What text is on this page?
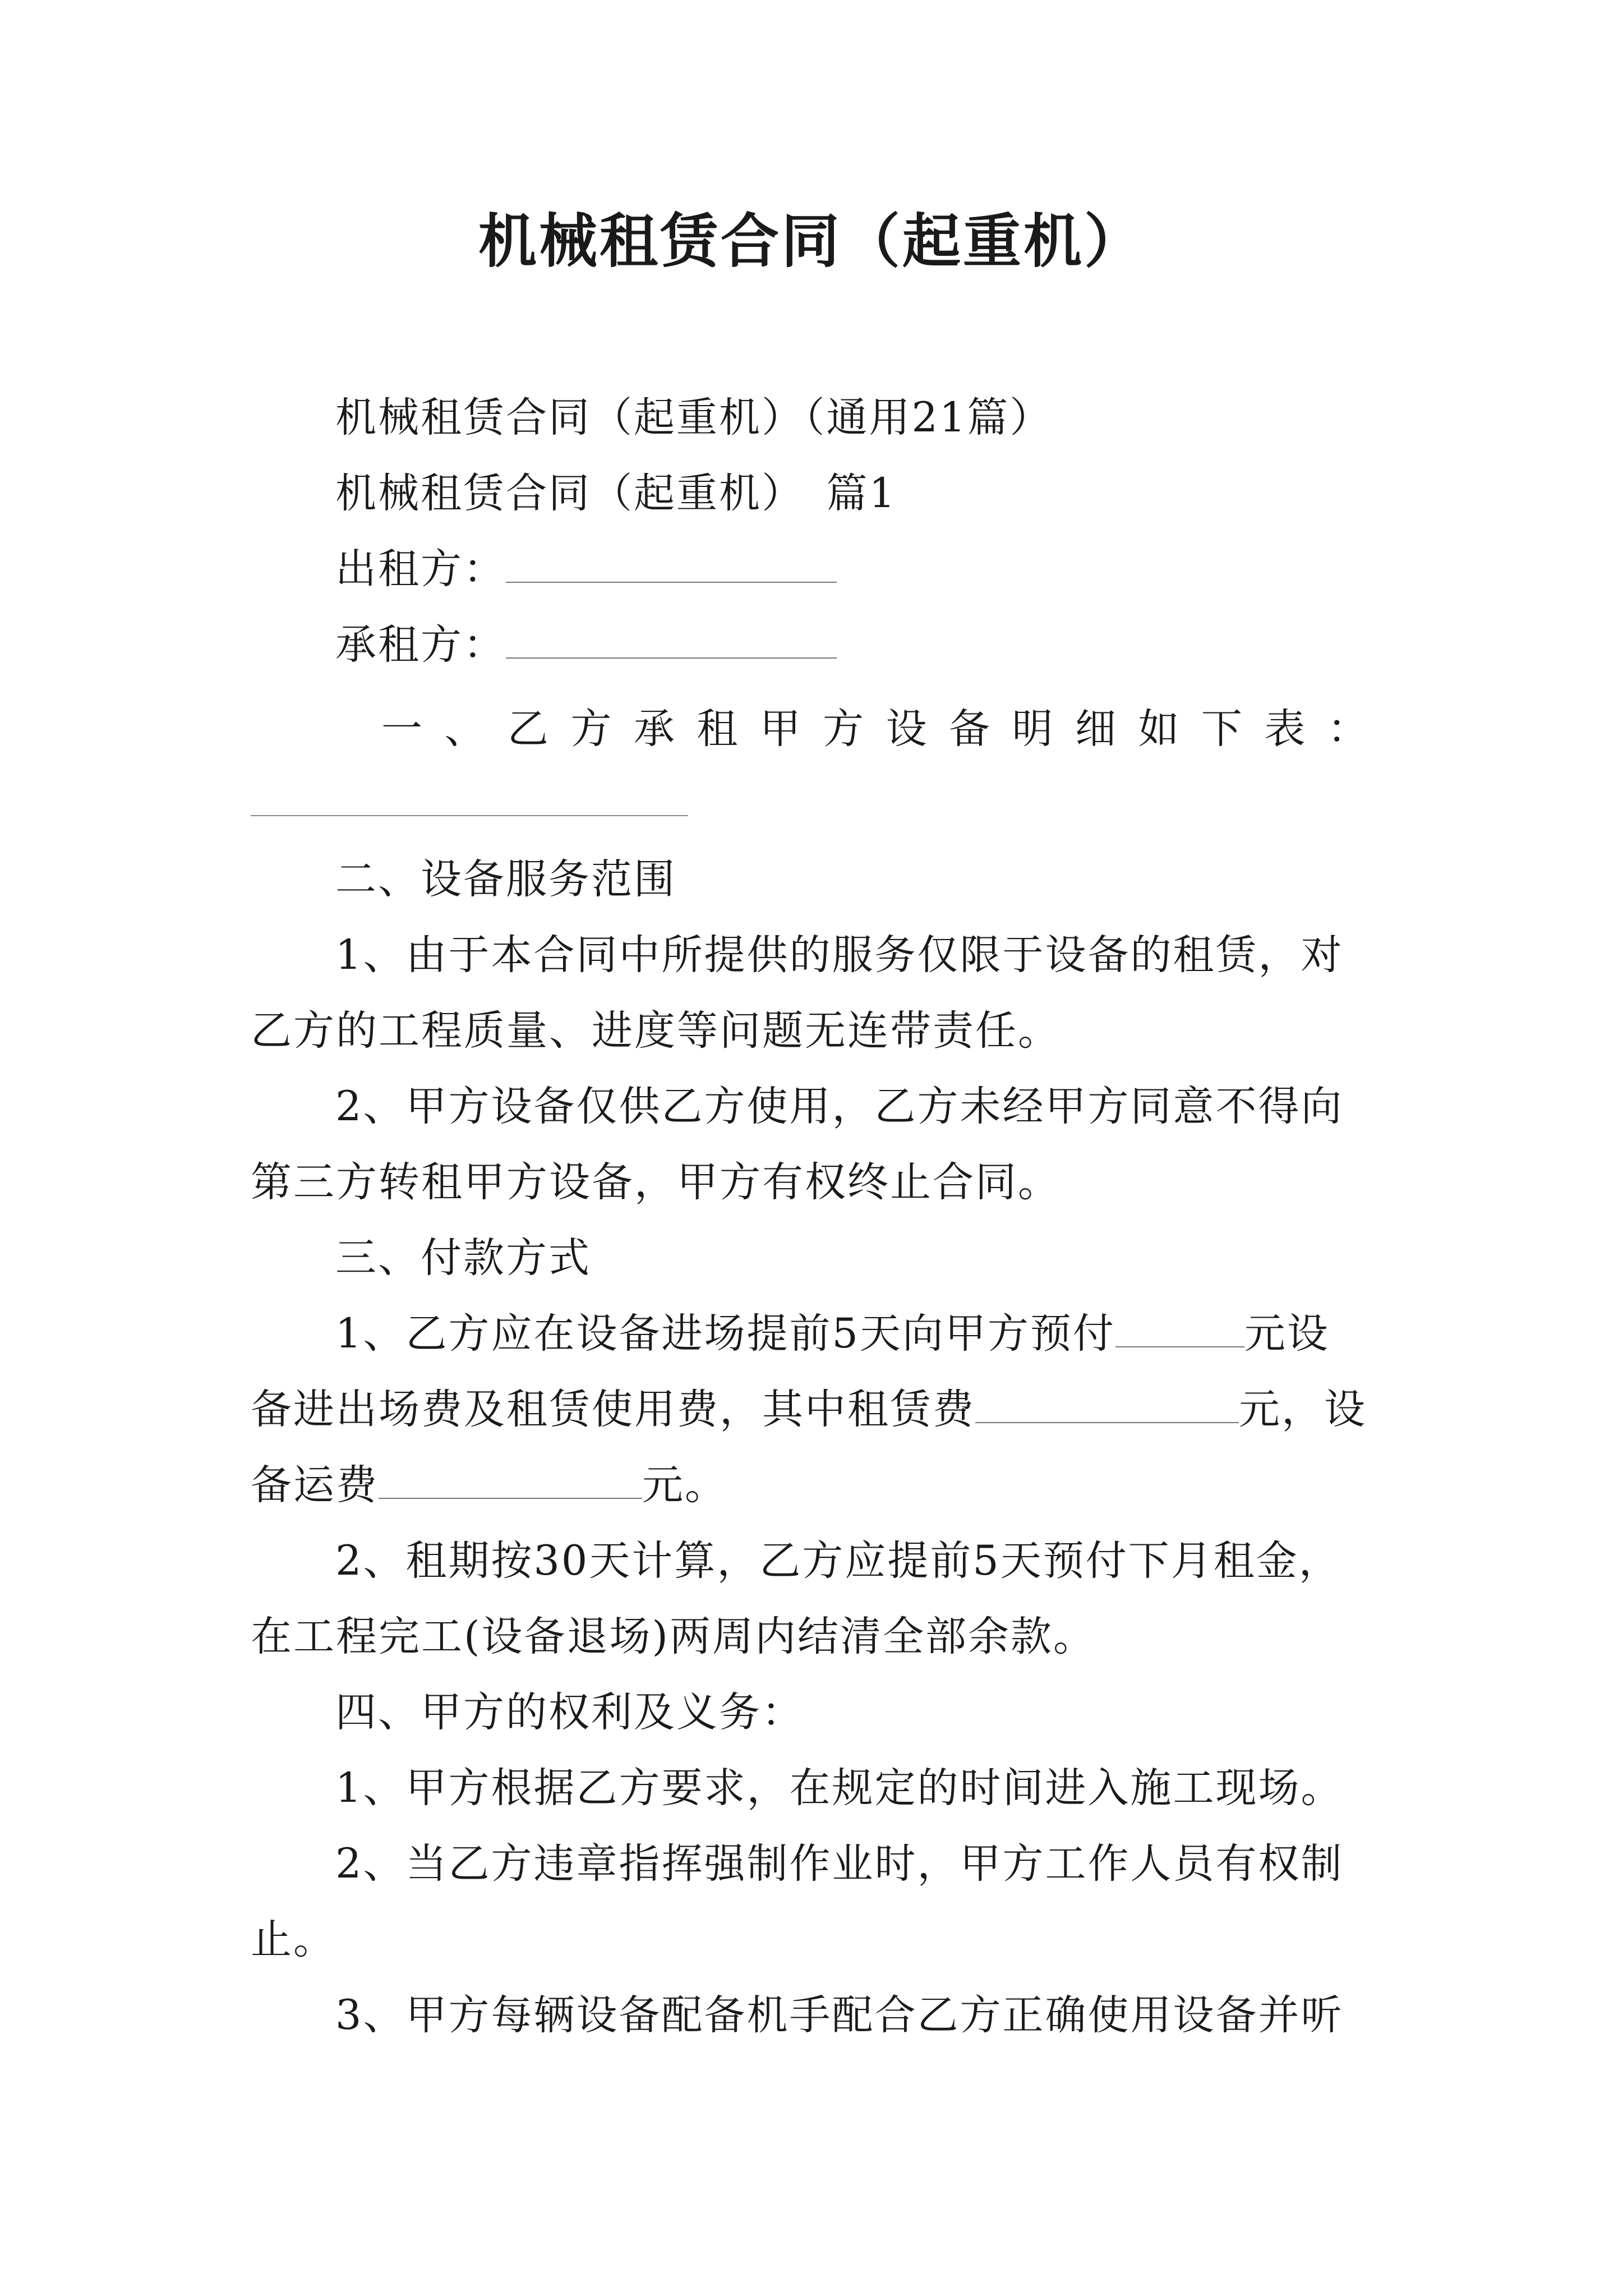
机械租赁合同（起重机）
机械租赁合同（起重机）（通用21篇）
机械租赁合同（起重机）　篇1
出租方：
承租方：
一 、 乙 方 承 租 甲 方 设 备 明 细 如 下 表 ：
二、设备服务范围
1、由于本合同中所提供的服务仅限于设备的租赁，对
乙方的工程质量、进度等问题无连带责任。
2、甲方设备仅供乙方使用，乙方未经甲方同意不得向
第三方转租甲方设备，甲方有权终止合同。
三、付款方式
1、乙方应在设备进场提前5天向甲方预付	元设
备进出场费及租赁使用费，其中租赁费	元，设
备运费	元。
2、租期按30天计算，乙方应提前5天预付下月租金，
在工程完工(设备退场)两周内结清全部余款。
四、甲方的权利及义务：
1、甲方根据乙方要求，在规定的时间进入施工现场。
2、当乙方违章指挥强制作业时，甲方工作人员有权制
止。
3、甲方每辆设备配备机手配合乙方正确使用设备并听
